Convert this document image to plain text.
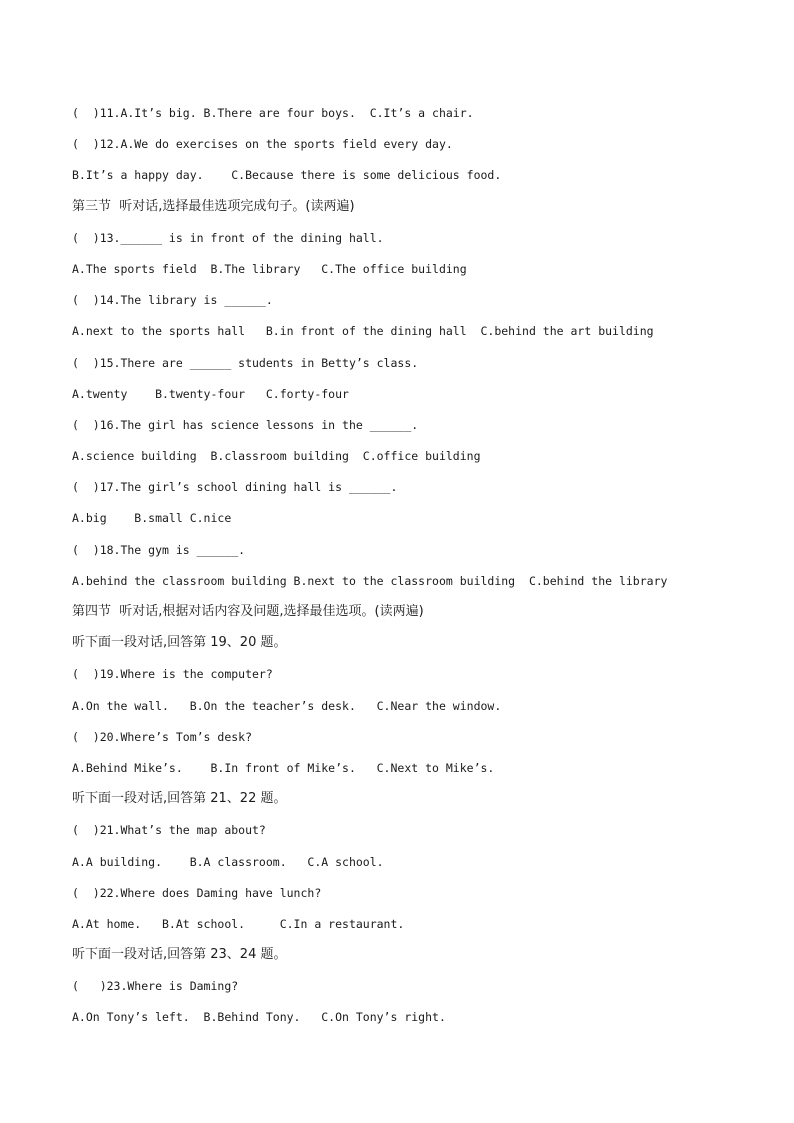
(  )11.A.It’s big. B.There are four boys.  C.It’s a chair.
(  )12.A.We do exercises on the sports field every day.
B.It’s a happy day.    C.Because there is some delicious food.
第三节  听对话,选择最佳选项完成句子。(读两遍)
(  )13.______ is in front of the dining hall.
A.The sports field  B.The library   C.The office building
(  )14.The library is ______.
A.next to the sports hall   B.in front of the dining hall  C.behind the art building
(  )15.There are ______ students in Betty’s class.
A.twenty    B.twenty-four   C.forty-four
(  )16.The girl has science lessons in the ______.
A.science building  B.classroom building  C.office building
(  )17.The girl’s school dining hall is ______.
A.big    B.small C.nice
(  )18.The gym is ______.
A.behind the classroom building B.next to the classroom building  C.behind the library
第四节  听对话,根据对话内容及问题,选择最佳选项。(读两遍)
听下面一段对话,回答第 19、20 题。
(  )19.Where is the computer?
A.On the wall.   B.On the teacher’s desk.   C.Near the window.
(  )20.Where’s Tom’s desk?
A.Behind Mike’s.    B.In front of Mike’s.   C.Next to Mike’s.
听下面一段对话,回答第 21、22 题。
(  )21.What’s the map about?
A.A building.    B.A classroom.   C.A school.
(  )22.Where does Daming have lunch?
A.At home.   B.At school.     C.In a restaurant.
听下面一段对话,回答第 23、24 题。
(   )23.Where is Daming?
A.On Tony’s left.  B.Behind Tony.   C.On Tony’s right.
